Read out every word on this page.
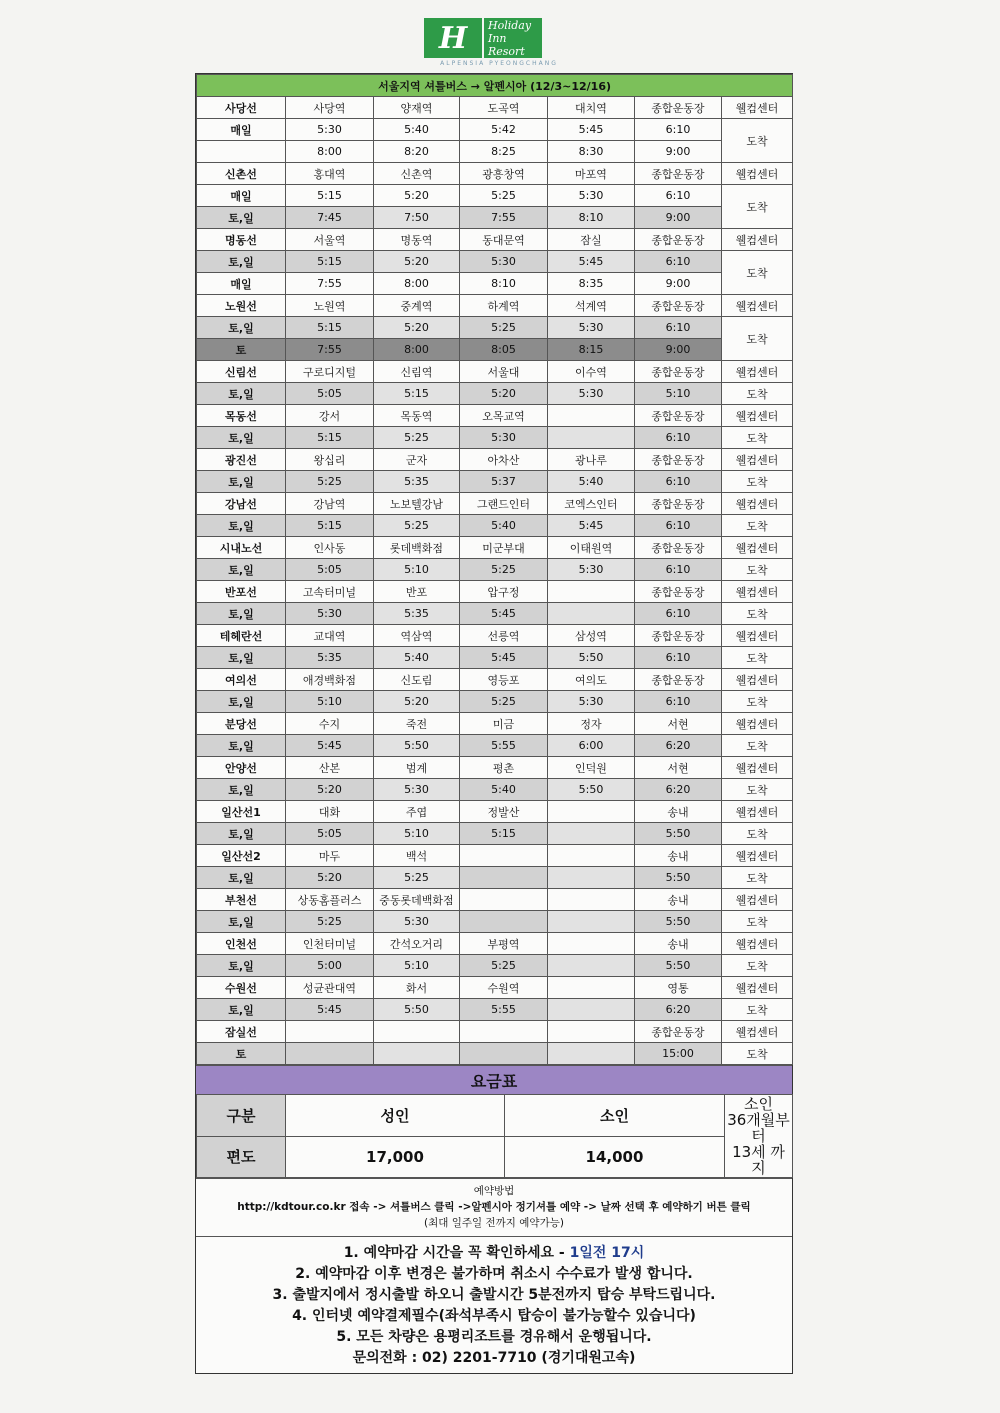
H	Holiday Inn
Resort
ALPENSIA PYEONGCHANG
서울지역 셔틀버스 → 알펜시아 (12/3~12/16)						
사당선	사당역	양재역	도곡역	대치역	종합운동장	웰컴센터
매일	5:30	5:40	5:42	5:45	6:10	도착
	8:00	8:20	8:25	8:30	9:00	
신촌선	홍대역	신촌역	광흥창역	마포역	종합운동장	웰컴센터
매일	5:15	5:20	5:25	5:30	6:10	도착
토,일	7:45	7:50	7:55	8:10	9:00	
명동선	서울역	명동역	동대문역	잠실	종합운동장	웰컴센터
토,일	5:15	5:20	5:30	5:45	6:10	도착
매일	7:55	8:00	8:10	8:35	9:00	
노원선	노원역	중계역	하계역	석계역	종합운동장	웰컴센터
토,일	5:15	5:20	5:25	5:30	6:10	도착
토	7:55	8:00	8:05	8:15	9:00	
신림선	구로디지털	신림역	서울대	이수역	종합운동장	웰컴센터
토,일	5:05	5:15	5:20	5:30	5:10	도착
목동선	강서	목동역	오목교역		종합운동장	웰컴센터
토,일	5:15	5:25	5:30		6:10	도착
광진선	왕십리	군자	아차산	광나루	종합운동장	웰컴센터
토,일	5:25	5:35	5:37	5:40	6:10	도착
강남선	강남역	노보텔강남	그랜드인터	코엑스인터	종합운동장	웰컴센터
토,일	5:15	5:25	5:40	5:45	6:10	도착
시내노선	인사동	롯데백화점	미군부대	이태원역	종합운동장	웰컴센터
토,일	5:05	5:10	5:25	5:30	6:10	도착
반포선	고속터미널	반포	압구정		종합운동장	웰컴센터
토,일	5:30	5:35	5:45		6:10	도착
테헤란선	교대역	역삼역	선릉역	삼성역	종합운동장	웰컴센터
토,일	5:35	5:40	5:45	5:50	6:10	도착
여의선	애경백화점	신도림	영등포	여의도	종합운동장	웰컴센터
토,일	5:10	5:20	5:25	5:30	6:10	도착
분당선	수지	죽전	미금	정자	서현	웰컴센터
토,일	5:45	5:50	5:55	6:00	6:20	도착
안양선	산본	범계	평촌	인덕원	서현	웰컴센터
토,일	5:20	5:30	5:40	5:50	6:20	도착
일산선1	대화	주엽	정발산		송내	웰컴센터
토,일	5:05	5:10	5:15		5:50	도착
일산선2	마두	백석			송내	웰컴센터
토,일	5:20	5:25			5:50	도착
부천선	상동홈플러스	중동롯데백화점			송내	웰컴센터
토,일	5:25	5:30			5:50	도착
인천선	인천터미널	간석오거리	부평역		송내	웰컴센터
토,일	5:00	5:10	5:25		5:50	도착
수원선	성균관대역	화서	수원역		영통	웰컴센터
토,일	5:45	5:50	5:55		6:20	도착
잠실선					종합운동장	웰컴센터
토					15:00	도착
요금표
구분	성인	소인	소인
36개월부터
13세 까지

편도	17,000	14,000	
예약방법
http://kdtour.co.kr 접속 -> 셔틀버스 클릭 ->알펜시아 정기셔틀 예약 -> 날짜 선택 후 예약하기 버튼 클릭
(최대 일주일 전까지 예약가능)
1. 예약마감 시간을 꼭 확인하세요 - 1일전 17시
2. 예약마감 이후 변경은 불가하며 취소시 수수료가 발생 합니다.
3. 출발지에서 정시출발 하오니 출발시간 5분전까지 탑승 부탁드립니다.
4. 인터넷 예약결제필수(좌석부족시 탑승이 불가능할수 있습니다)
5. 모든 차량은 용평리조트를 경유해서 운행됩니다.
문의전화 : 02) 2201-7710 (경기대원고속)
